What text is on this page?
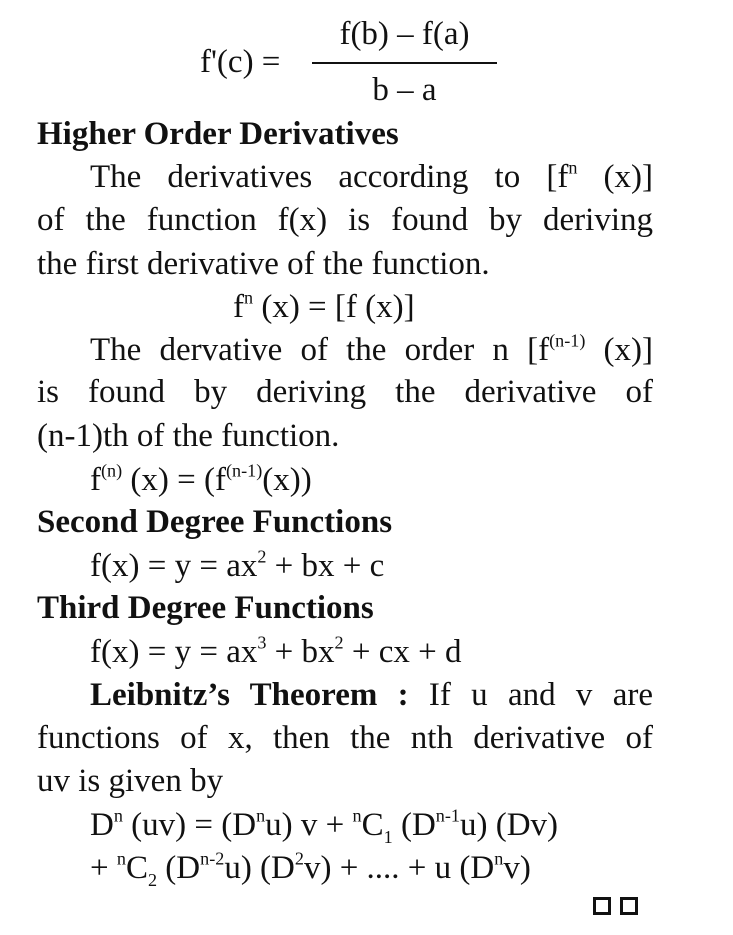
f'(c) =
f(b) – f(a)
b – a
Higher Order Derivatives
The derivatives according to [$f^n$ (x)]
of the function f(x) is found by deriving
the first derivative of the function.
$f^n$ (x) = [f (x)]
The dervative of the order n [$f^{(n-1)}$ (x)]
is found by deriving the derivative of
(n-1)th of the function.
$f^{(n)}$ $(x) = (f^{(n-1)}(x))$
Second Degree Functions
$f(x) = y = ax^2$ + bx + c
Third Degree Functions
$f(x) = y = ax^3 + bx^2$ + cx + d
Leibnitz’s Theorem : If u and v are
functions of x, then the nth derivative of
uv is given by
$D^n$ $(uv) = (D^nu) v + ^nC_1$ $(D^{n-1}u)$ (Dv)
+ $^nC_2$ $(D^{n-2}u) (D^2v)$ + .... + u $(D^nv)$
